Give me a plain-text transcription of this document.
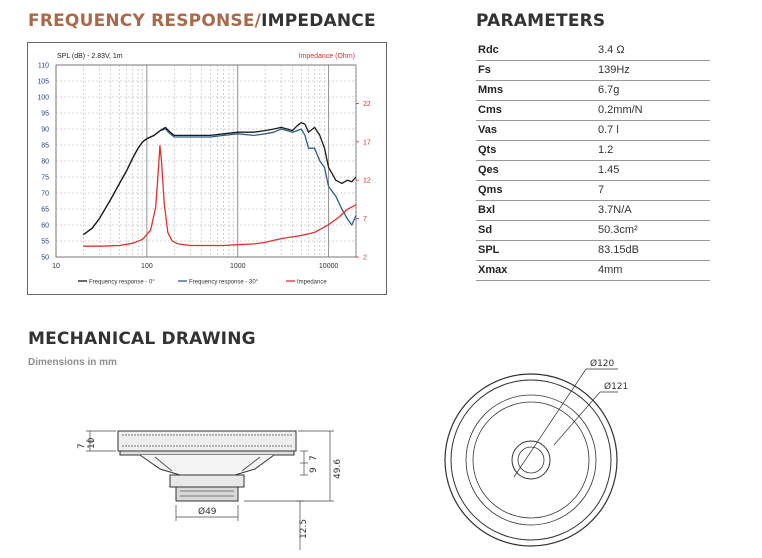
FREQUENCY RESPONSE/IMPEDANCE	PARAMETERS
MECHANICAL DRAWING
Dimensions in mm
110
105
100
95
90
85
80
75
70
65
60
55
50
22
17
12
7
2
10	100	1000	10000
SPL (dB) - 2.83V, 1m	Impedance (Ohm)
Frequency response - 0°	Frequency response - 30°	Impedance
Rdc	3.4 Ω
Fs	139Hz
Mms	6.7g
Cms	0.2mm/N
Vas	0.7 l
Qts	1.2
Qes	1.45
Qms	7
Bxl	3.7N/A
Sd	50.3cm²
SPL	83.15dB
Xmax	4mm
10
7
7
9 49.6
Ø49
12.5
Ø120
Ø121
